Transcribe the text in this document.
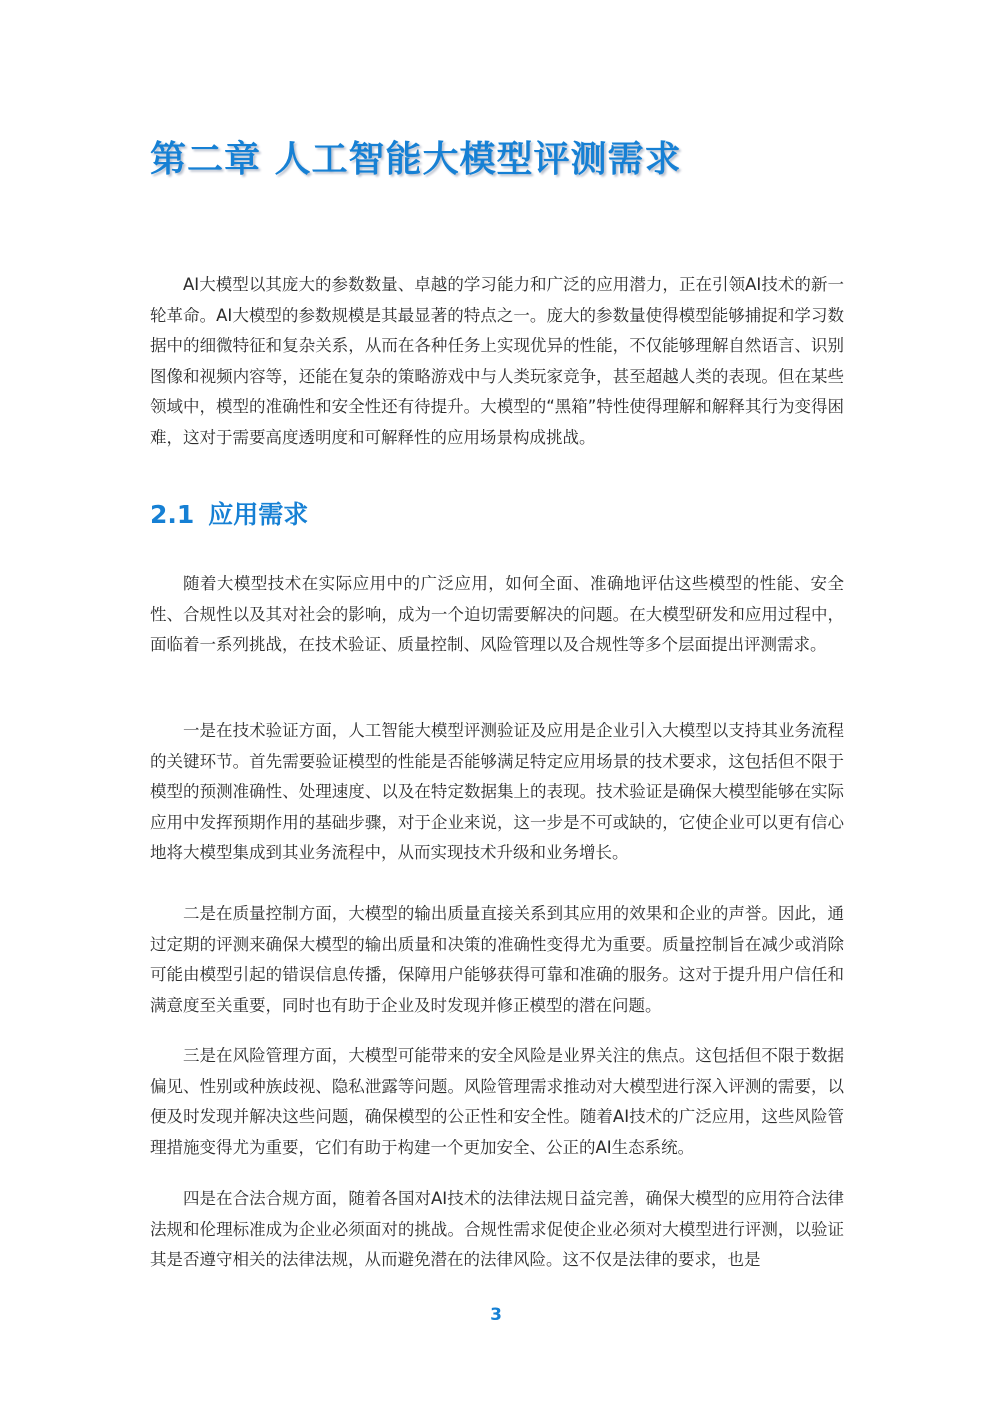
第二章 人工智能大模型评测需求

AI大模型以其庞大的参数数量、卓越的学习能力和广泛的应用潜力，正在引领AI技术的新一轮革命。AI大模型的参数规模是其最显著的特点之一。庞大的参数量使得模型能够捕捉和学习数据中的细微特征和复杂关系，从而在各种任务上实现优异的性能，不仅能够理解自然语言、识别图像和视频内容等，还能在复杂的策略游戏中与人类玩家竞争，甚至超越人类的表现。但在某些领域中，模型的准确性和安全性还有待提升。大模型的“黑箱”特性使得理解和解释其行为变得困难，这对于需要高度透明度和可解释性的应用场景构成挑战。

2.1 应用需求

随着大模型技术在实际应用中的广泛应用，如何全面、准确地评估这些模型的性能、安全性、合规性以及其对社会的影响，成为一个迫切需要解决的问题。在大模型研发和应用过程中，面临着一系列挑战，在技术验证、质量控制、风险管理以及合规性等多个层面提出评测需求。

一是在技术验证方面，人工智能大模型评测验证及应用是企业引入大模型以支持其业务流程的关键环节。首先需要验证模型的性能是否能够满足特定应用场景的技术要求，这包括但不限于模型的预测准确性、处理速度、以及在特定数据集上的表现。技术验证是确保大模型能够在实际应用中发挥预期作用的基础步骤，对于企业来说，这一步是不可或缺的，它使企业可以更有信心地将大模型集成到其业务流程中，从而实现技术升级和业务增长。

二是在质量控制方面，大模型的输出质量直接关系到其应用的效果和企业的声誉。因此，通过定期的评测来确保大模型的输出质量和决策的准确性变得尤为重要。质量控制旨在减少或消除可能由模型引起的错误信息传播，保障用户能够获得可靠和准确的服务。这对于提升用户信任和满意度至关重要，同时也有助于企业及时发现并修正模型的潜在问题。

三是在风险管理方面，大模型可能带来的安全风险是业界关注的焦点。这包括但不限于数据偏见、性别或种族歧视、隐私泄露等问题。风险管理需求推动对大模型进行深入评测的需要，以便及时发现并解决这些问题，确保模型的公正性和安全性。随着AI技术的广泛应用，这些风险管理措施变得尤为重要，它们有助于构建一个更加安全、公正的AI生态系统。

四是在合法合规方面，随着各国对AI技术的法律法规日益完善，确保大模型的应用符合法律法规和伦理标准成为企业必须面对的挑战。合规性需求促使企业必须对大模型进行评测，以验证其是否遵守相关的法律法规，从而避免潜在的法律风险。这不仅是法律的要求，也是

3
